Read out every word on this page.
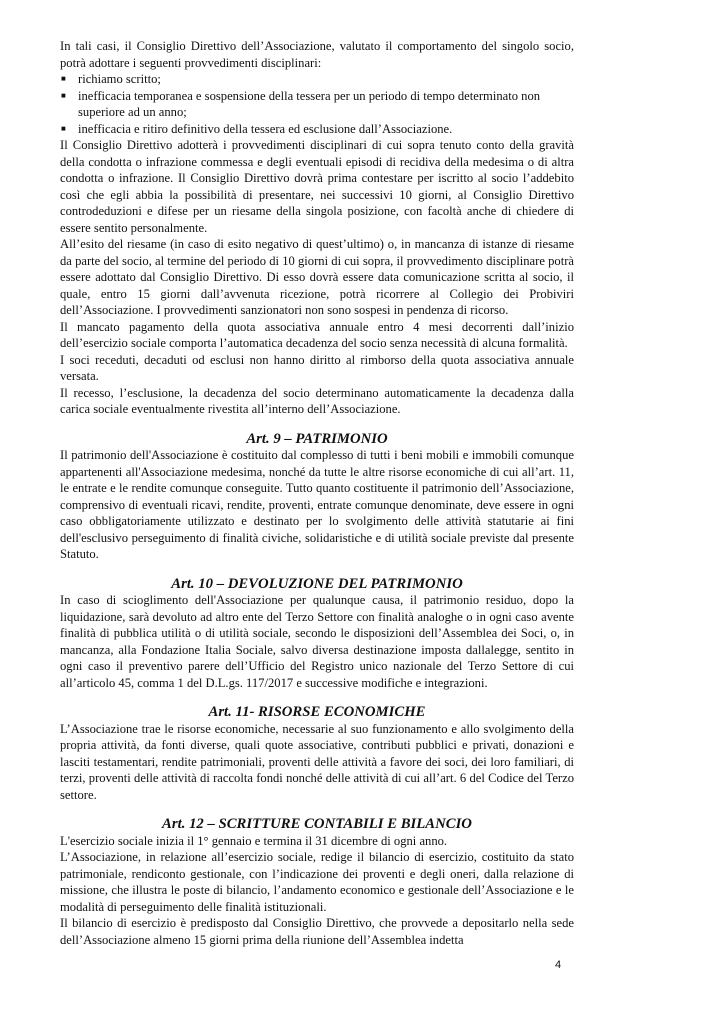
In tali casi, il Consiglio Direttivo dell’Associazione, valutato il comportamento del singolo socio, potrà adottare i seguenti provvedimenti disciplinari:

■ richiamo scritto;
■ inefficacia temporanea e sospensione della tessera per un periodo di tempo determinato non superiore ad un anno;
■ inefficacia e ritiro definitivo della tessera ed esclusione dall’Associazione.

Il Consiglio Direttivo adotterà i provvedimenti disciplinari di cui sopra tenuto conto della gravità della condotta o infrazione commessa e degli eventuali episodi di recidiva della medesima o di altra condotta o infrazione. Il Consiglio Direttivo dovrà prima contestare per iscritto al socio l’addebito così che egli abbia la possibilità di presentare, nei successivi 10 giorni, al Consiglio Direttivo controdeduzioni e difese per un riesame della singola posizione, con facoltà anche di chiedere di essere sentito personalmente.

All’esito del riesame (in caso di esito negativo di quest’ultimo) o, in mancanza di istanze di riesame da parte del socio, al termine del periodo di 10 giorni di cui sopra, il provvedimento disciplinare potrà essere adottato dal Consiglio Direttivo. Di esso dovrà essere data comunicazione scritta al socio, il quale, entro 15 giorni dall’avvenuta ricezione, potrà ricorrere al Collegio dei Probiviri dell’Associazione. I provvedimenti sanzionatori non sono sospesi in pendenza di ricorso.

Il mancato pagamento della quota associativa annuale entro 4 mesi decorrenti dall’inizio dell’esercizio sociale comporta l’automatica decadenza del socio senza necessità di alcuna formalità.

I soci receduti, decaduti od esclusi non hanno diritto al rimborso della quota associativa annuale versata.

Il recesso, l’esclusione, la decadenza del socio determinano automaticamente la decadenza dalla carica sociale eventualmente rivestita all’interno dell’Associazione.

Art. 9 – PATRIMONIO

Il patrimonio dell'Associazione è costituito dal complesso di tutti i beni mobili e immobili comunque appartenenti all'Associazione medesima, nonché da tutte le altre risorse economiche di cui all’art. 11, le entrate e le rendite comunque conseguite. Tutto quanto costituente il patrimonio dell’Associazione, comprensivo di eventuali ricavi, rendite, proventi, entrate comunque denominate, deve essere in ogni caso obbligatoriamente utilizzato e destinato per lo svolgimento delle attività statutarie ai fini dell'esclusivo perseguimento di finalità civiche, solidaristiche e di utilità sociale previste dal presente Statuto.

Art. 10 – DEVOLUZIONE DEL PATRIMONIO

In caso di scioglimento dell'Associazione per qualunque causa, il patrimonio residuo, dopo la liquidazione, sarà devoluto ad altro ente del Terzo Settore con finalità analoghe o in ogni caso avente finalità di pubblica utilità o di utilità sociale, secondo le disposizioni dell’Assemblea dei Soci, o, in mancanza, alla Fondazione Italia Sociale, salvo diversa destinazione imposta dallalegge, sentito in ogni caso il preventivo parere dell’Ufficio del Registro unico nazionale del Terzo Settore di cui all’articolo 45, comma 1 del D.L.gs. 117/2017 e successive modifiche e integrazioni.

Art. 11- RISORSE ECONOMICHE

L’Associazione trae le risorse economiche, necessarie al suo funzionamento e allo svolgimento della propria attività, da fonti diverse, quali quote associative, contributi pubblici e privati, donazioni e lasciti testamentari, rendite patrimoniali, proventi delle attività a favore dei soci, dei loro familiari, di terzi, proventi delle attività di raccolta fondi nonché delle attività di cui all’art. 6 del Codice del Terzo settore.

Art. 12 – SCRITTURE CONTABILI E BILANCIO

L'esercizio sociale inizia il 1° gennaio e termina il 31 dicembre di ogni anno.

L’Associazione, in relazione all’esercizio sociale, redige il bilancio di esercizio, costituito da stato patrimoniale, rendiconto gestionale, con l’indicazione dei proventi e degli oneri, dalla relazione di missione, che illustra le poste di bilancio, l’andamento economico e gestionale dell’Associazione e le modalità di perseguimento delle finalità istituzionali.

Il bilancio di esercizio è predisposto dal Consiglio Direttivo, che provvede a depositarlo nella sede dell’Associazione almeno 15 giorni prima della riunione dell’Assemblea indetta

4
